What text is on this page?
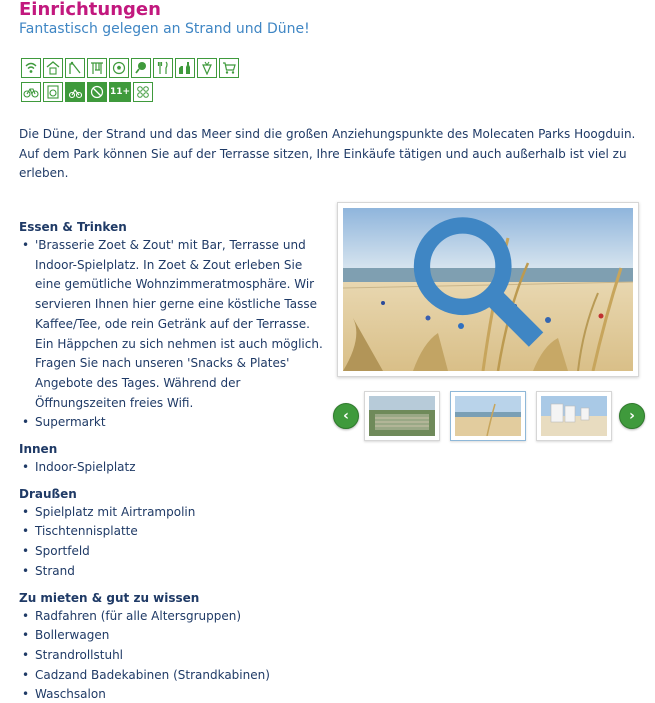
Einrichtungen
Fantastisch gelegen an Strand und Düne!
11+

Die Düne, der Strand und das Meer sind die großen Anziehungspunkte des Molecaten Parks Hoogduin. Auf dem Park können Sie auf der Terrasse sitzen, Ihre Einkäufe tätigen und auch außerhalb ist viel zu erleben.

Essen & Trinken
• 'Brasserie Zoet & Zout' mit Bar, Terrasse und Indoor-Spielplatz. In Zoet & Zout erleben Sie eine gemütliche Wohnzimmeratmosphäre. Wir servieren Ihnen hier gerne eine köstliche Tasse Kaffee/Tee, ode rein Getränk auf der Terrasse. Ein Häppchen zu sich nehmen ist auch möglich. Fragen Sie nach unseren 'Snacks & Plates' Angebote des Tages. Während der Öffnungszeiten freies Wifi.
• Supermarkt
Innen
• Indoor-Spielplatz
Draußen
• Spielplatz mit Airtrampolin
• Tischtennisplatte
• Sportfeld
• Strand
Zu mieten & gut zu wissen
• Radfahren (für alle Altersgruppen)
• Bollerwagen
• Strandrollstuhl
• Cadzand Badekabinen (Strandkabinen)
• Waschsalon
‹	›
